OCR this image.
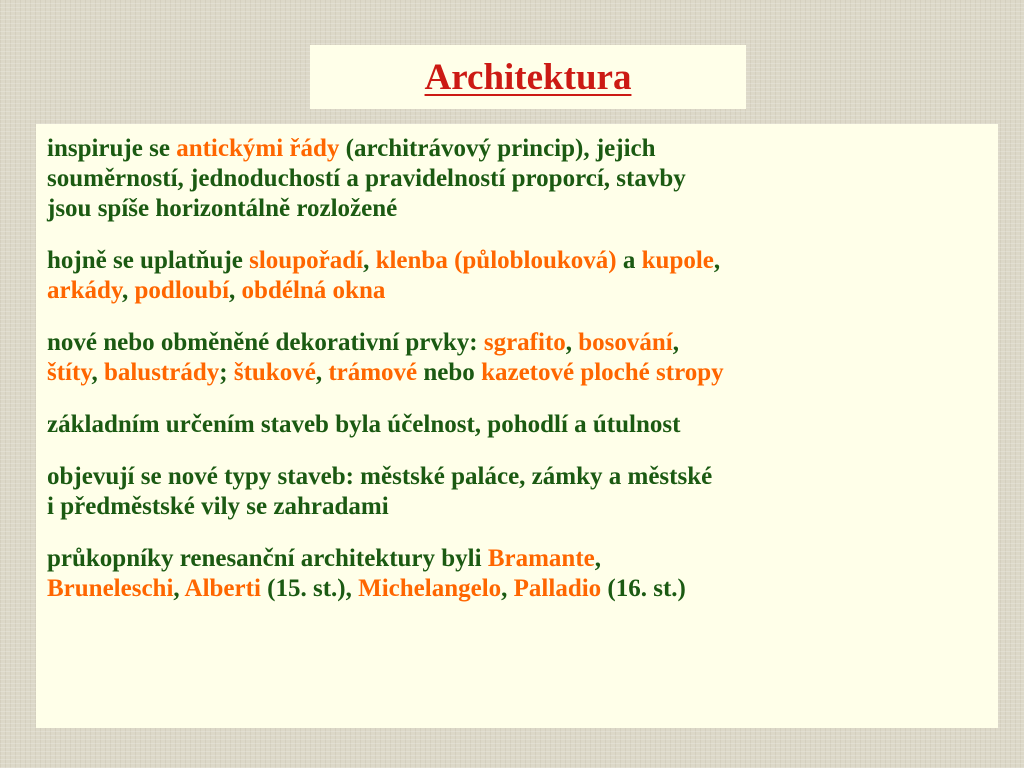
Architektura

inspiruje se antickými řády (architrávový princip), jejich
souměrností, jednoduchostí a pravidelností proporcí, stavby
jsou spíše horizontálně rozložené

hojně se uplatňuje sloupořadí, klenba (půloblouková) a kupole,
arkády, podloubí, obdélná okna

nové nebo obměněné dekorativní prvky: sgrafito, bosování,
štíty, balustrády; štukové, trámové nebo kazetové ploché stropy

základním určením staveb byla účelnost, pohodlí a útulnost

objevují se nové typy staveb: městské paláce, zámky a městské
i předměstské vily se zahradami

průkopníky renesanční architektury byli Bramante,
Bruneleschi, Alberti (15. st.), Michelangelo, Palladio (16. st.)
